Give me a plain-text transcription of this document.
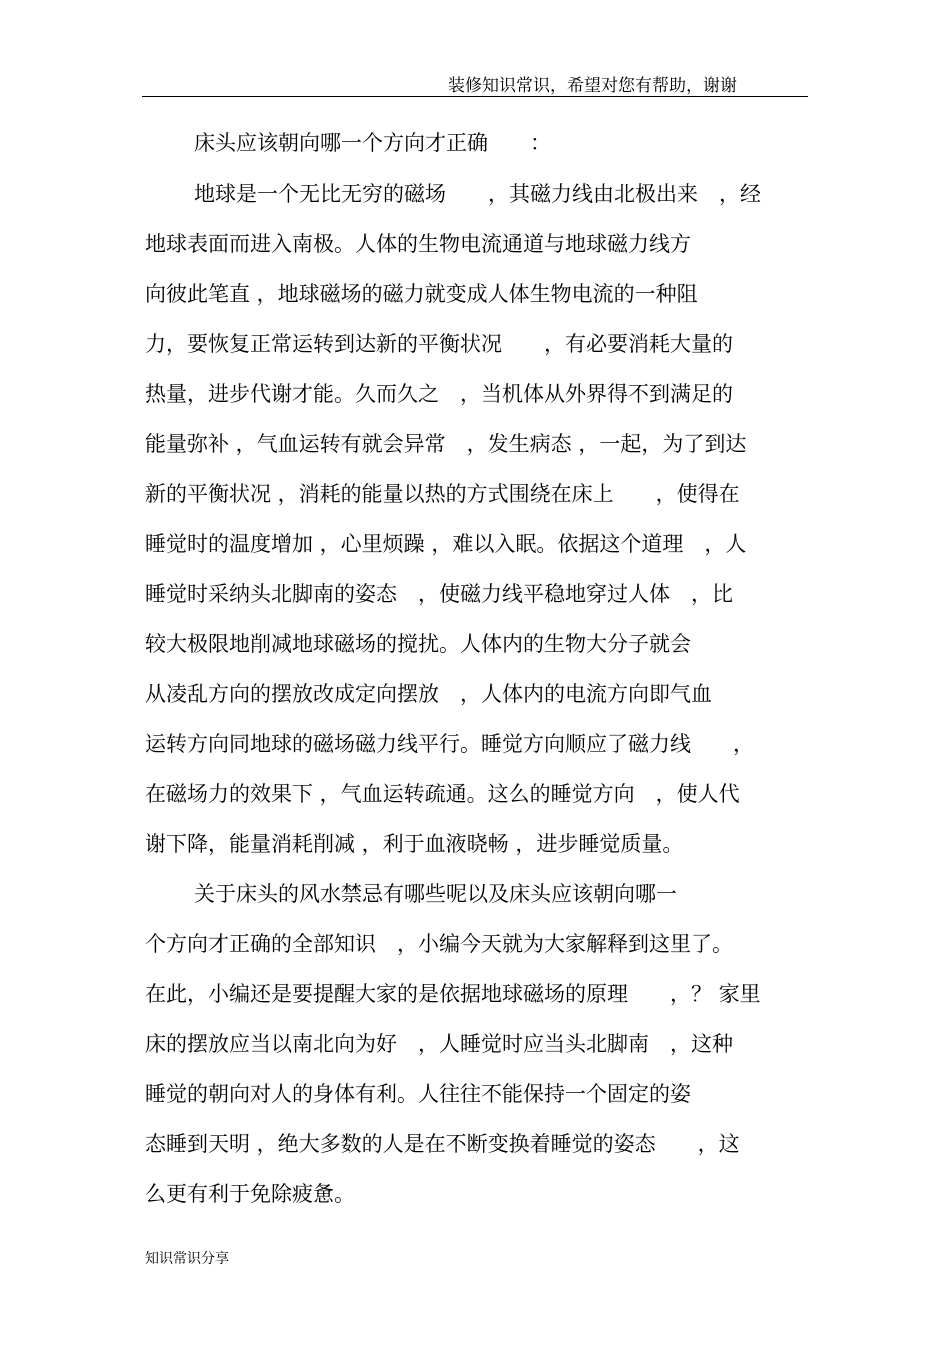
装修知识常识，希望对您有帮助，谢谢
床头应该朝向哪一个方向才正确　　：
地球是一个无比无穷的磁场　　，其磁力线由北极出来　，经
地球表面而进入南极。人体的生物电流通道与地球磁力线方
向彼此笔直 ，地球磁场的磁力就变成人体生物电流的一种阻
力，要恢复正常运转到达新的平衡状况　　，有必要消耗大量的
热量，进步代谢才能。久而久之　，当机体从外界得不到满足的
能量弥补 ，气血运转有就会异常　，发生病态 ，一起，为了到达
新的平衡状况 ，消耗的能量以热的方式围绕在床上　　，使得在
睡觉时的温度增加 ，心里烦躁 ，难以入眠。依据这个道理　，人
睡觉时采纳头北脚南的姿态　，使磁力线平稳地穿过人体　，比
较大极限地削减地球磁场的搅扰。人体内的生物大分子就会
从凌乱方向的摆放改成定向摆放　，人体内的电流方向即气血
运转方向同地球的磁场磁力线平行。睡觉方向顺应了磁力线　　，
在磁场力的效果下 ，气血运转疏通。这么的睡觉方向　，使人代
谢下降，能量消耗削减 ，利于血液晓畅 ，进步睡觉质量。
关于床头的风水禁忌有哪些呢以及床头应该朝向哪一
个方向才正确的全部知识　，小编今天就为大家解释到这里了。
在此，小编还是要提醒大家的是依据地球磁场的原理　　，？ 家里
床的摆放应当以南北向为好　，人睡觉时应当头北脚南　，这种
睡觉的朝向对人的身体有利。人往往不能保持一个固定的姿
态睡到天明 ，绝大多数的人是在不断变换着睡觉的姿态　　，这
么更有利于免除疲惫。
知识常识分享
